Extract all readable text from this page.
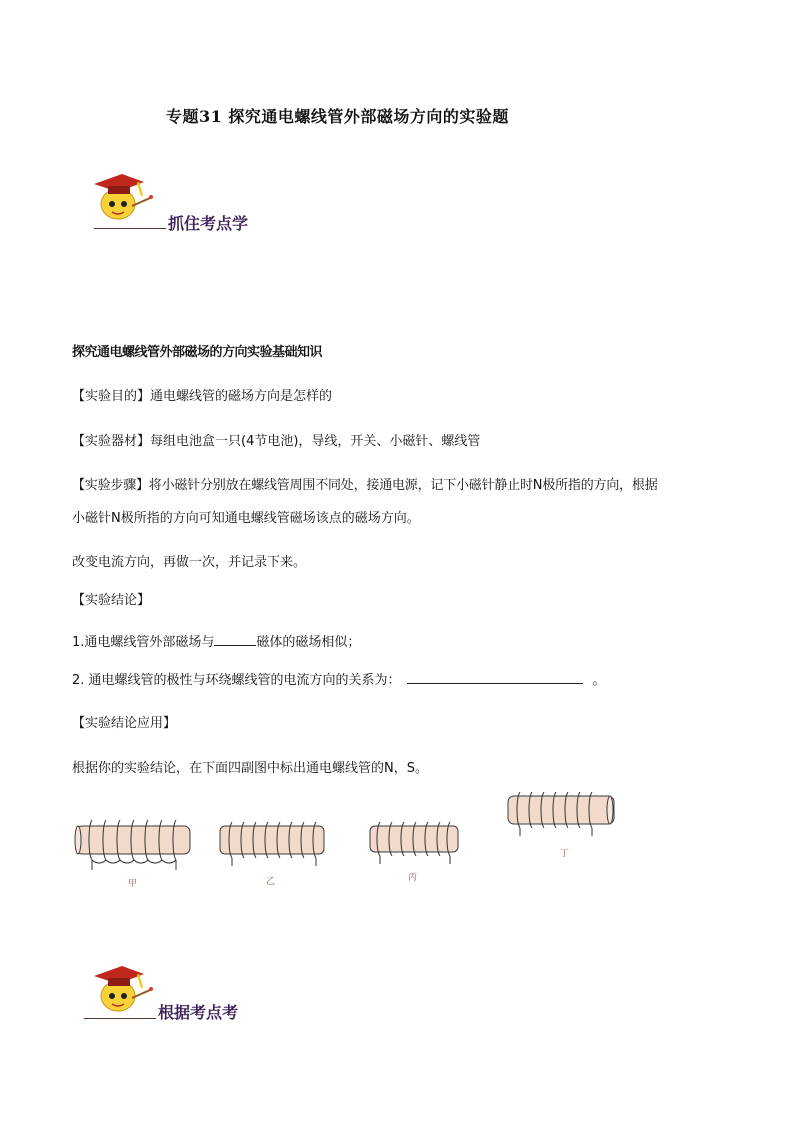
专题31 探究通电螺线管外部磁场方向的实验题
抓住考点学
探究通电螺线管外部磁场的方向实验基础知识
【实验目的】通电螺线管的磁场方向是怎样的
【实验器材】每组电池盒一只(4节电池)，导线，开关、小磁针、螺线管
【实验步骤】将小磁针分别放在螺线管周围不同处，接通电源，记下小磁针静止时N极所指的方向，根据
小磁针N极所指的方向可知通电螺线管磁场该点的磁场方向。
改变电流方向，再做一次，并记录下来。
【实验结论】
1.通电螺线管外部磁场与	磁体的磁场相似；
2. 通电螺线管的极性与环绕螺线管的电流方向的关系为：	。
【实验结论应用】
根据你的实验结论，在下面四副图中标出通电螺线管的N，S。
甲	乙	丙
丁
根据考点考
